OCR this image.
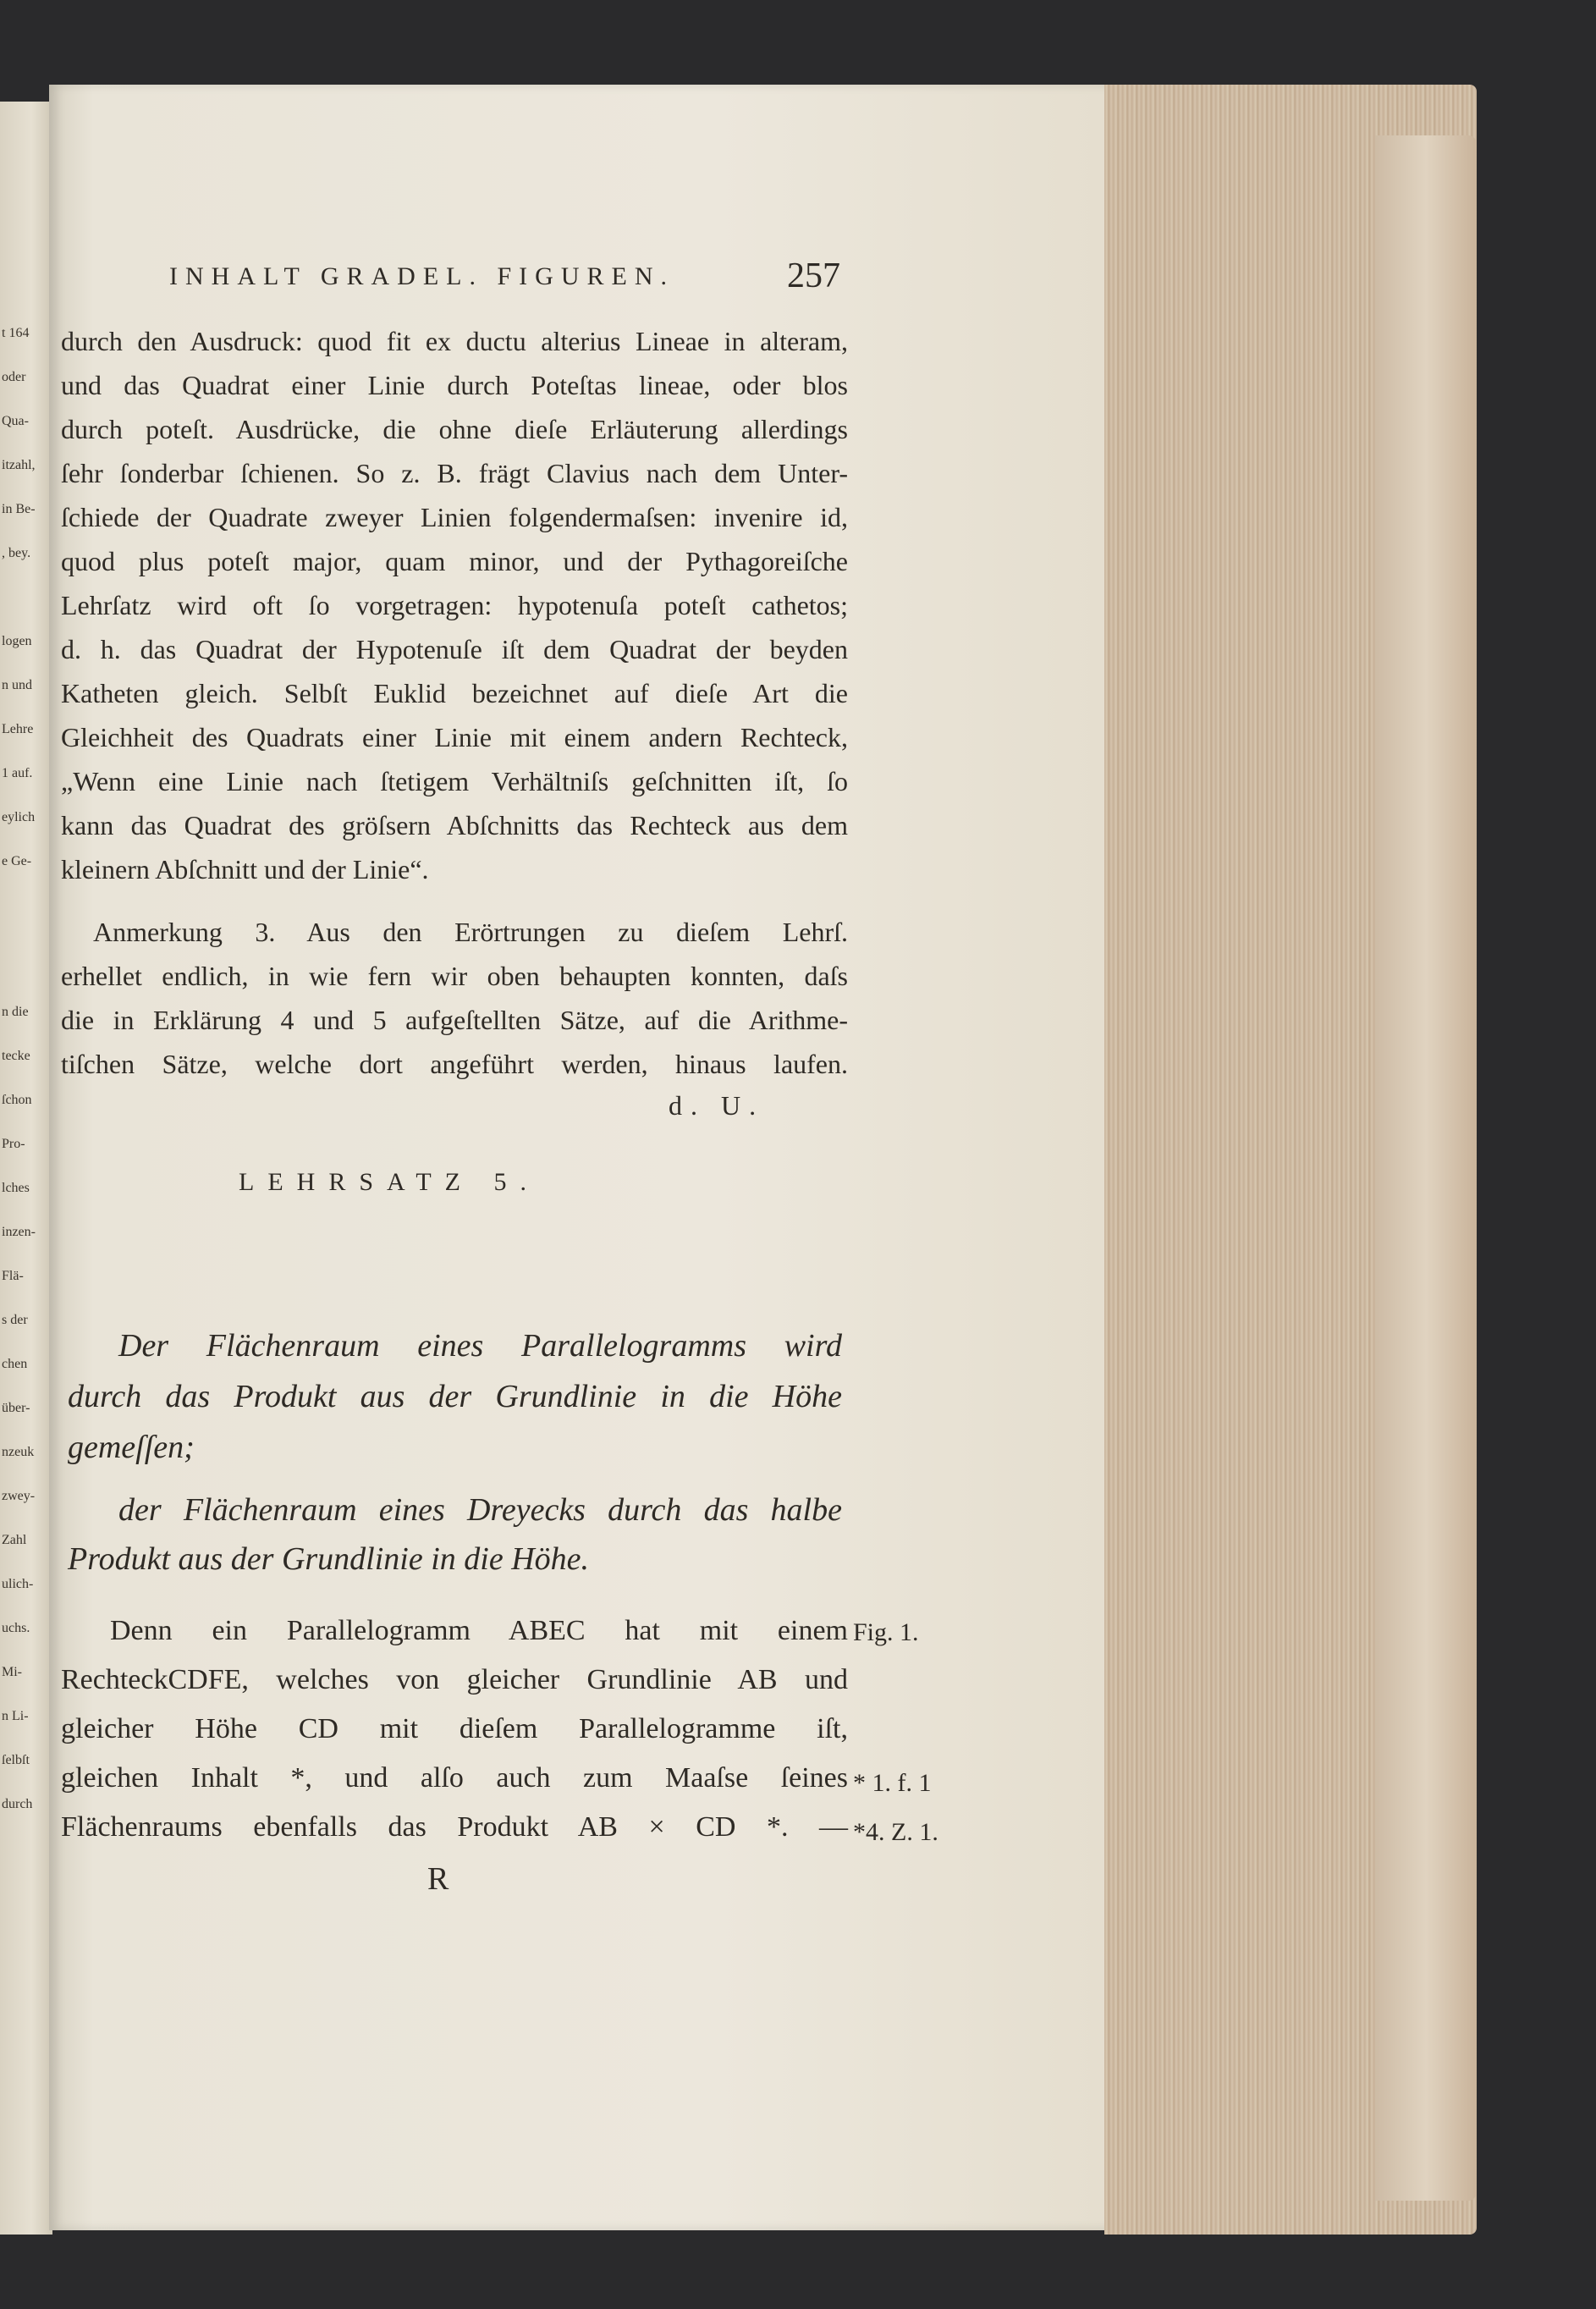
t 164
oder
Qua-
itzahl,
in Be-
, bey.
logen
n und
Lehre
1 auf.
eylich
e Ge-
n die
tecke
ſchon
Pro-
lches
inzen-
Flä-
s der
chen
über-
nzeuk
zwey-
Zahl
ulich-
uchs.
Mi-
n Li-
ſelbſt
durch
INHALT GRADEL. FIGUREN.	257
durch den Ausdruck: quod fit ex ductu alterius Lineae in alteram,
und das Quadrat einer Linie durch Poteſtas lineae, oder blos
durch poteſt. Ausdrücke, die ohne dieſe Erläuterung allerdings
ſehr ſonderbar ſchienen. So z. B. frägt Clavius nach dem Unter-
ſchiede der Quadrate zweyer Linien folgendermaſsen: invenire id,
quod plus poteſt major, quam minor, und der Pythagoreiſche
Lehrſatz wird oft ſo vorgetragen: hypotenuſa poteſt cathetos;
d. h. das Quadrat der Hypotenuſe iſt dem Quadrat der beyden
Katheten gleich. Selbſt Euklid bezeichnet auf dieſe Art die
Gleichheit des Quadrats einer Linie mit einem andern Rechteck,
„Wenn eine Linie nach ſtetigem Verhältniſs geſchnitten iſt, ſo
kann das Quadrat des gröſsern Abſchnitts das Rechteck aus dem
kleinern Abſchnitt und der Linie“.
Anmerkung 3. Aus den Erörtrungen zu dieſem Lehrſ.
erhellet endlich, in wie fern wir oben behaupten konnten, daſs
die in Erklärung 4 und 5 aufgeſtellten Sätze, auf die Arithme-
tiſchen Sätze, welche dort angeführt werden, hinaus laufen.
d. U.
LEHRSATZ 5.
Der Flächenraum eines Parallelogramms wird
durch das Produkt aus der Grundlinie in die Höhe
gemeſſen;
der Flächenraum eines Dreyecks durch das halbe
Produkt aus der Grundlinie in die Höhe.
Denn ein Parallelogramm ABEC hat mit einem
RechteckCDFE, welches von gleicher Grundlinie AB und
gleicher Höhe CD mit dieſem Parallelogramme iſt,
gleichen Inhalt *, und alſo auch zum Maaſse ſeines
Flächenraums ebenfalls das Produkt AB × CD *. —
Fig. 1.
* 1. f. 1
*4. Z. 1.
R
